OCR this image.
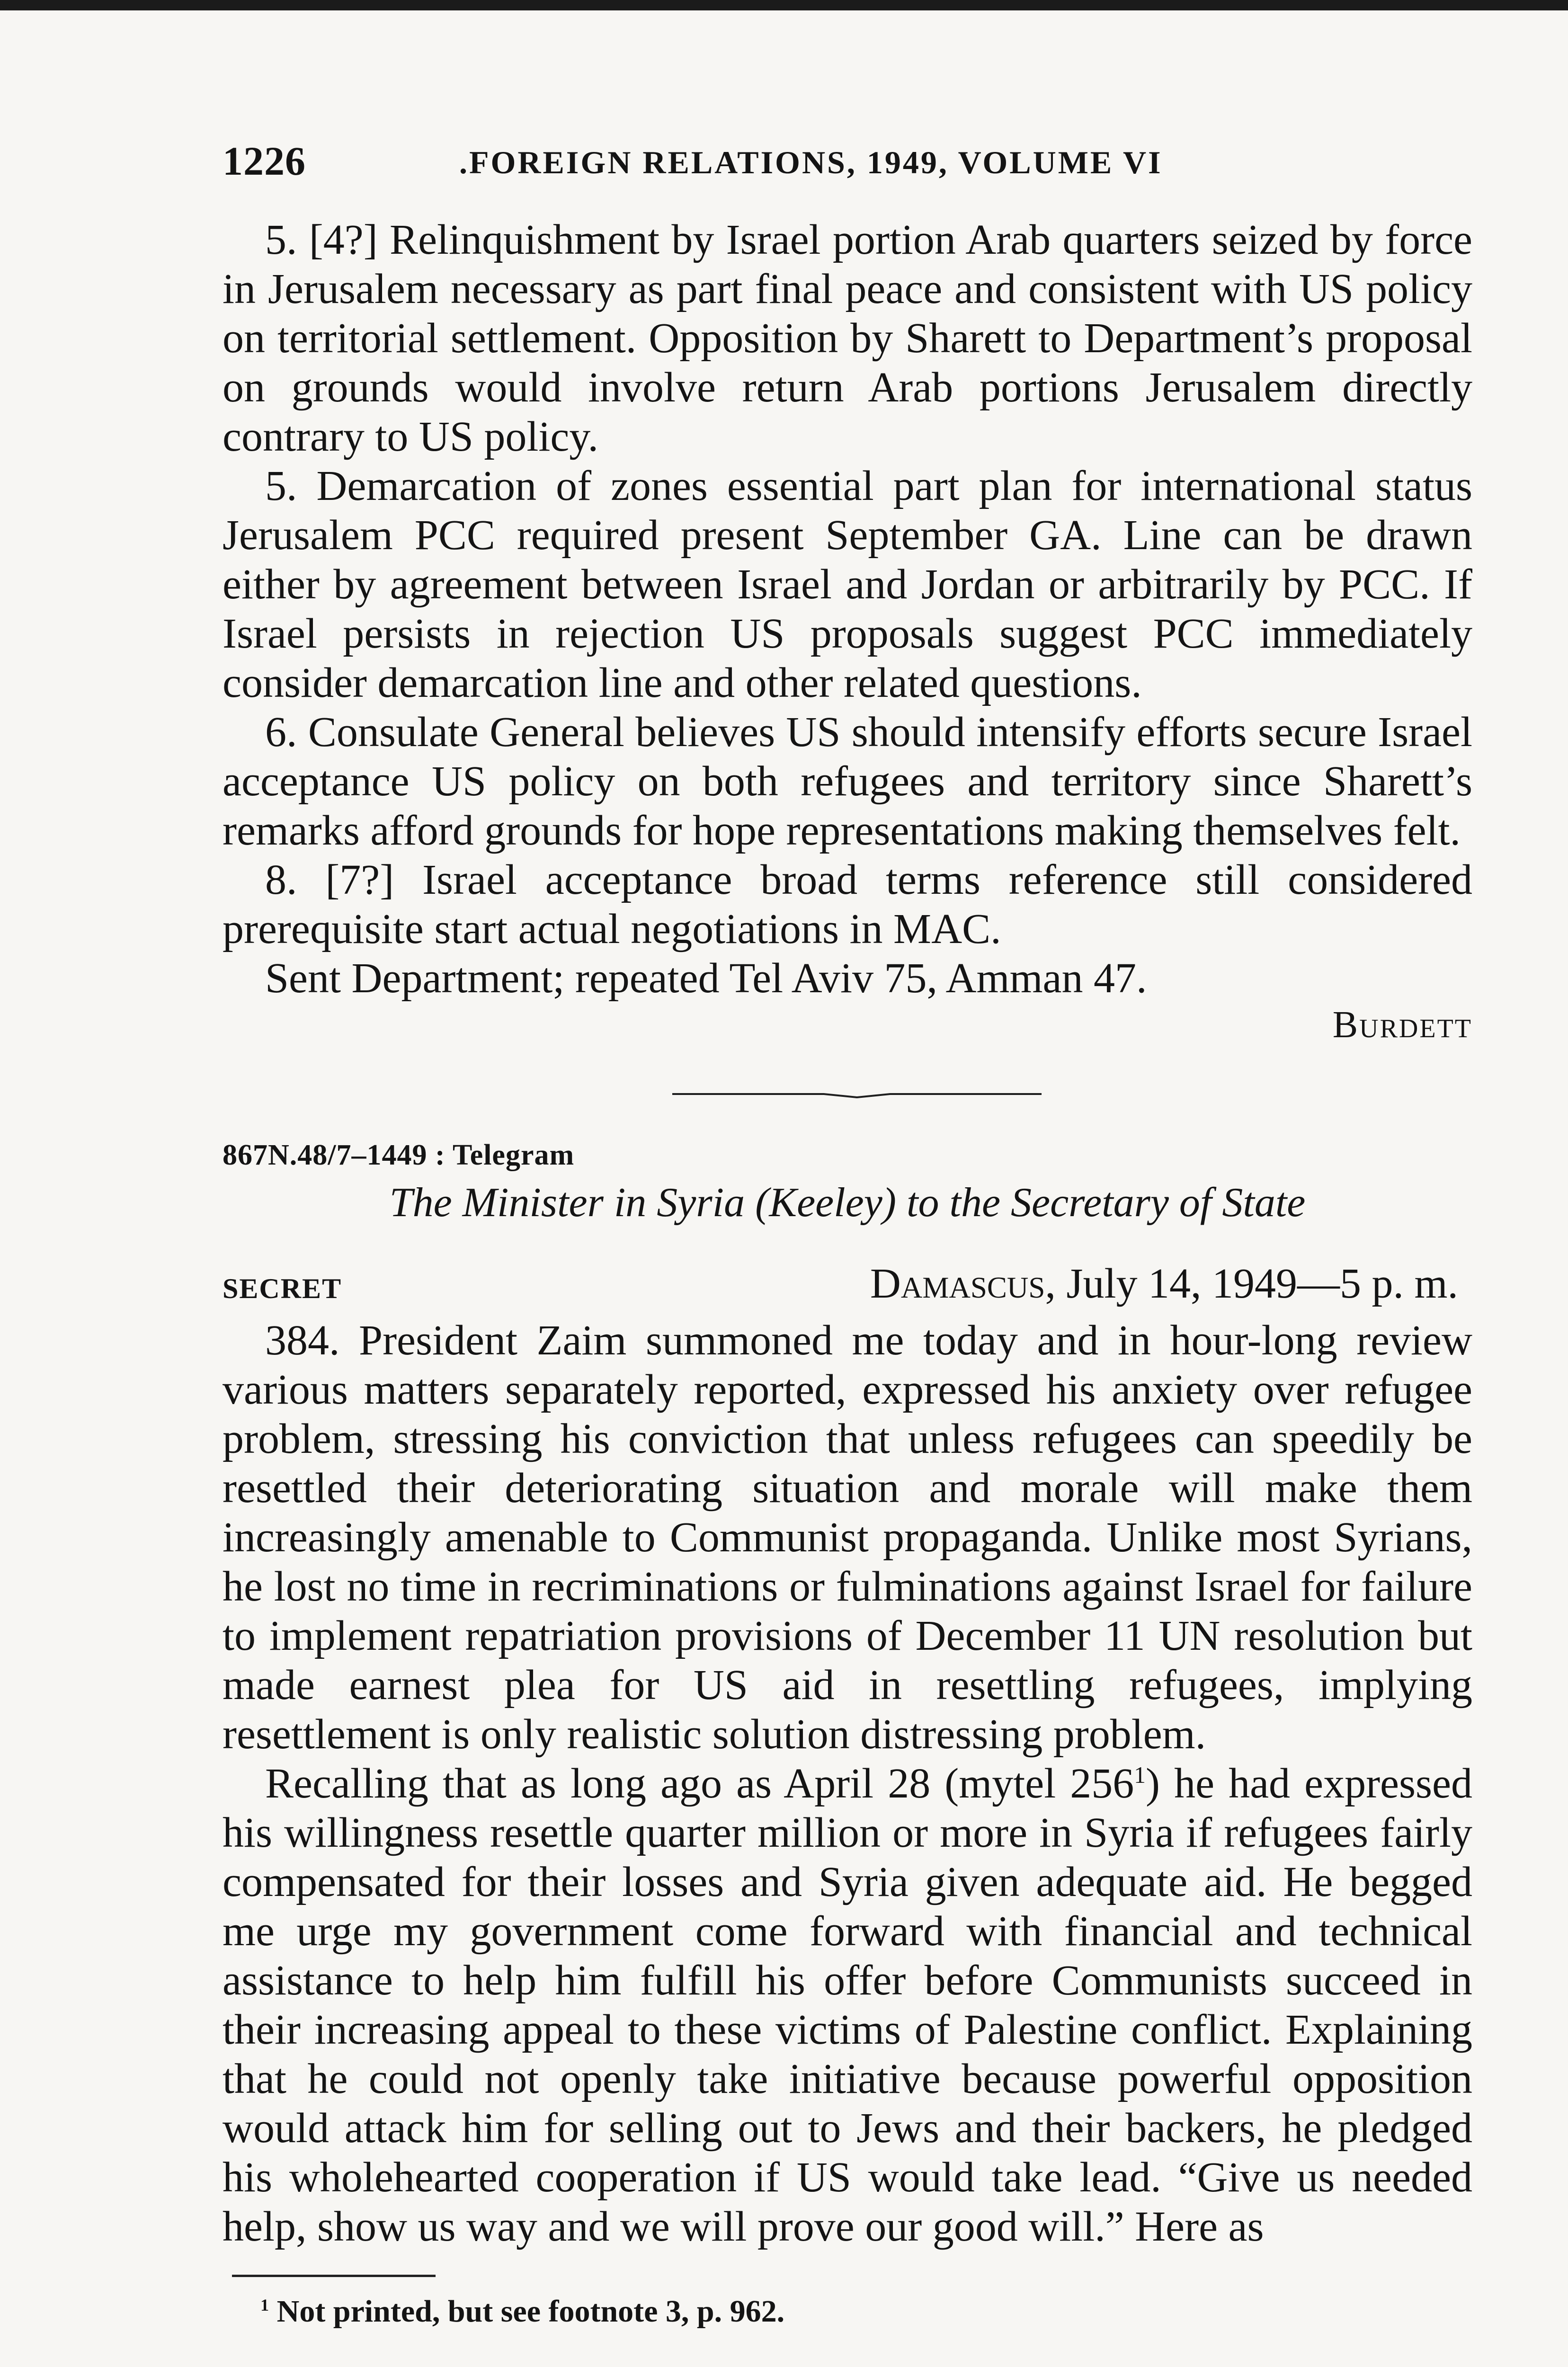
1226	.FOREIGN RELATIONS, 1949, VOLUME VI

5. [4?] Relinquishment by Israel portion Arab quarters seized by force in Jerusalem necessary as part final peace and consistent with US policy on territorial settlement. Opposition by Sharett to Department’s proposal on grounds would involve return Arab portions Jerusalem directly contrary to US policy.

5. Demarcation of zones essential part plan for international status Jerusalem PCC required present September GA. Line can be drawn either by agreement between Israel and Jordan or arbitrarily by PCC. If Israel persists in rejection US proposals suggest PCC immediately consider demarcation line and other related questions.

6. Consulate General believes US should intensify efforts secure Israel acceptance US policy on both refugees and territory since Sharett’s remarks afford grounds for hope representations making themselves felt.

8. [7?] Israel acceptance broad terms reference still considered prerequisite start actual negotiations in MAC.

Sent Department; repeated Tel Aviv 75, Amman 47.

Burdett
867N.48/7–1449 : Telegram
The Minister in Syria (Keeley) to the Secretary of State
SECRET	Damascus, July 14, 1949—5 p. m.

384. President Zaim summoned me today and in hour-long review various matters separately reported, expressed his anxiety over refugee problem, stressing his conviction that unless refugees can speedily be resettled their deteriorating situation and morale will make them increasingly amenable to Communist propaganda. Unlike most Syrians, he lost no time in recriminations or fulminations against Israel for failure to implement repatriation provisions of December 11 UN resolution but made earnest plea for US aid in resettling refugees, implying resettlement is only realistic solution distressing problem.

Recalling that as long ago as April 28 (mytel $256^1$) he had expressed his willingness resettle quarter million or more in Syria if refugees fairly compensated for their losses and Syria given adequate aid. He begged me urge my government come forward with financial and technical assistance to help him fulfill his offer before Communists succeed in their increasing appeal to these victims of Palestine conflict. Explaining that he could not openly take initiative because powerful opposition would attack him for selling out to Jews and their backers, he pledged his wholehearted cooperation if US would take lead. “Give us needed help, show us way and we will prove our good will.” Here as

$^1$ Not printed, but see footnote 3, p. 962.
